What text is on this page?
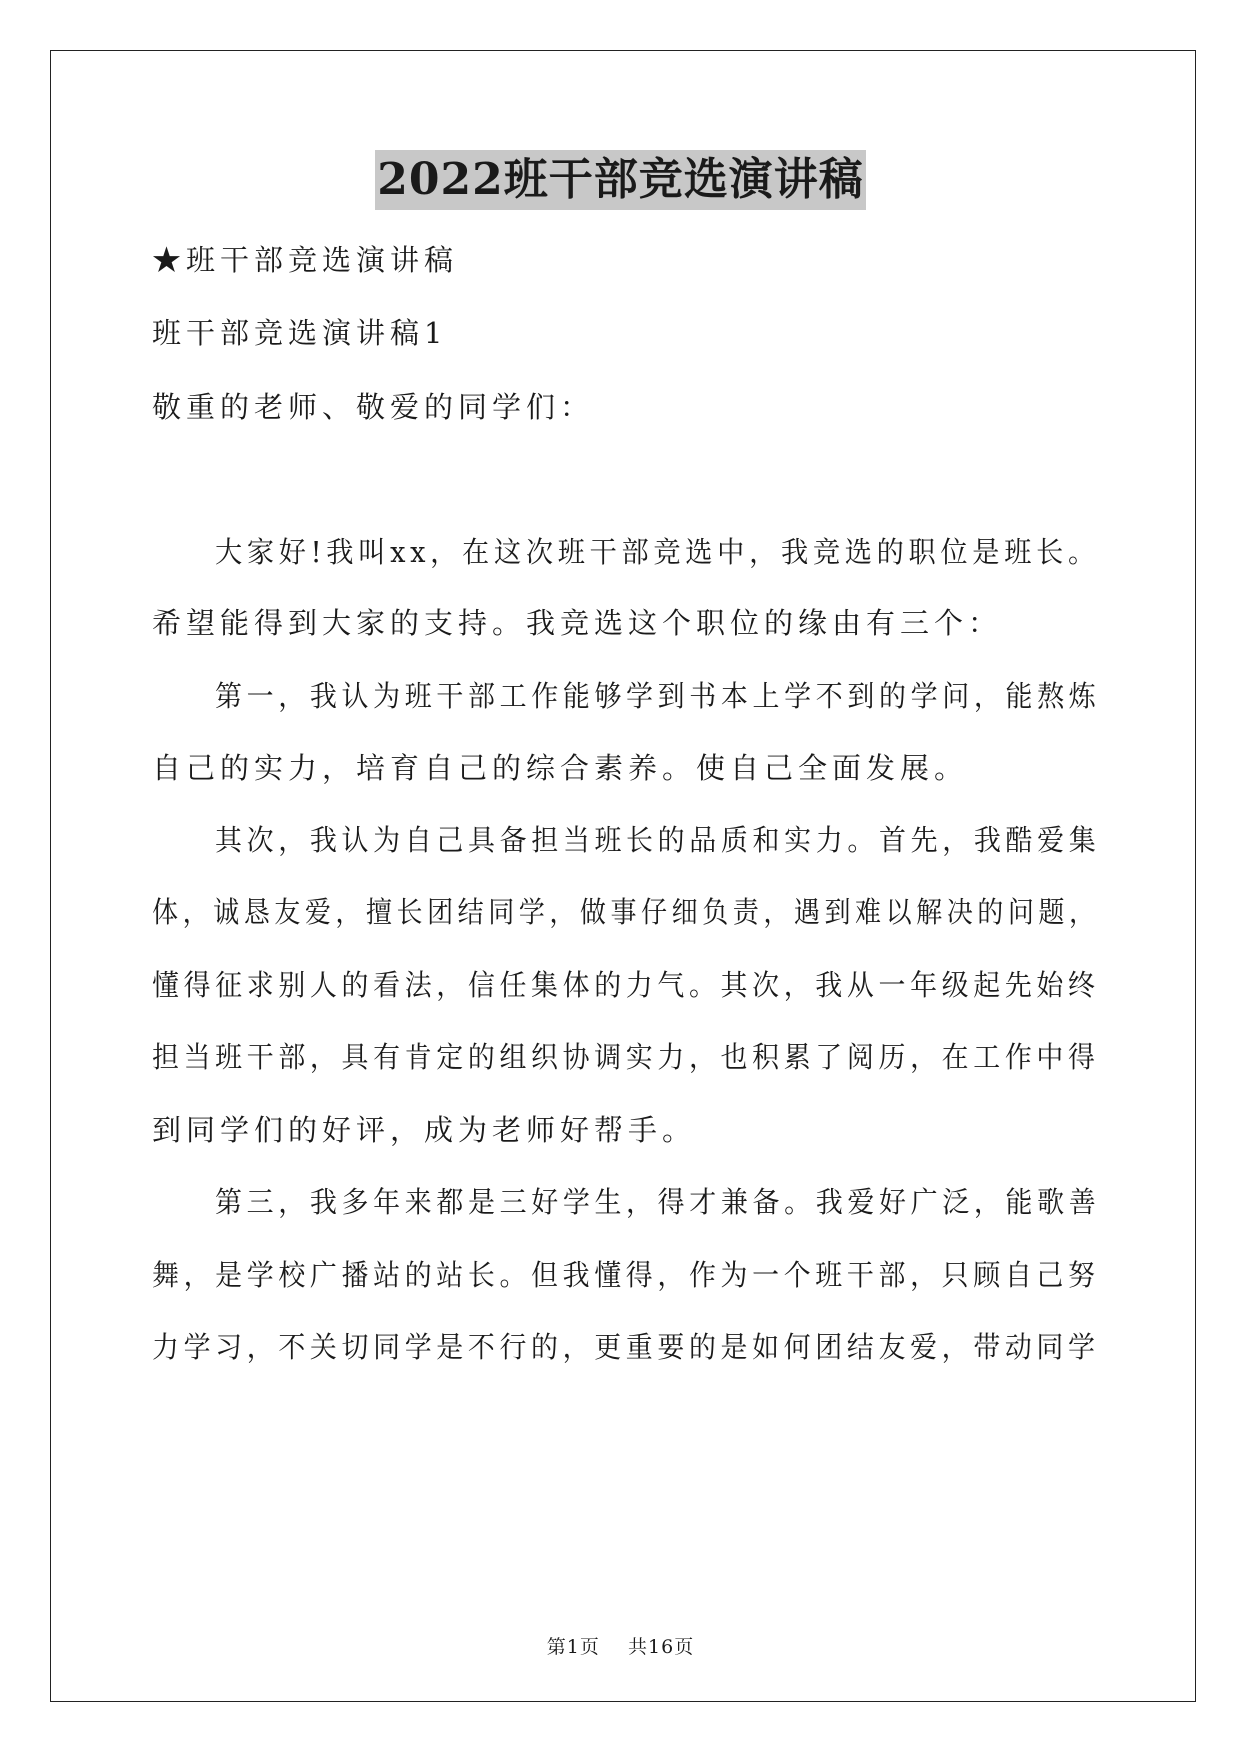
2022班干部竞选演讲稿
★班干部竞选演讲稿
班干部竞选演讲稿1
敬重的老师、敬爱的同学们：
大家好!我叫xx，在这次班干部竞选中，我竞选的职位是班长。
希望能得到大家的支持。我竞选这个职位的缘由有三个：
第一，我认为班干部工作能够学到书本上学不到的学问，能熬炼
自己的实力，培育自己的综合素养。使自己全面发展。
其次，我认为自己具备担当班长的品质和实力。首先，我酷爱集
体，诚恳友爱，擅长团结同学，做事仔细负责，遇到难以解决的问题，
懂得征求别人的看法，信任集体的力气。其次，我从一年级起先始终
担当班干部，具有肯定的组织协调实力，也积累了阅历，在工作中得
到同学们的好评，成为老师好帮手。
第三，我多年来都是三好学生，得才兼备。我爱好广泛，能歌善
舞，是学校广播站的站长。但我懂得，作为一个班干部，只顾自己努
力学习，不关切同学是不行的，更重要的是如何团结友爱，带动同学
第1页 共16页
